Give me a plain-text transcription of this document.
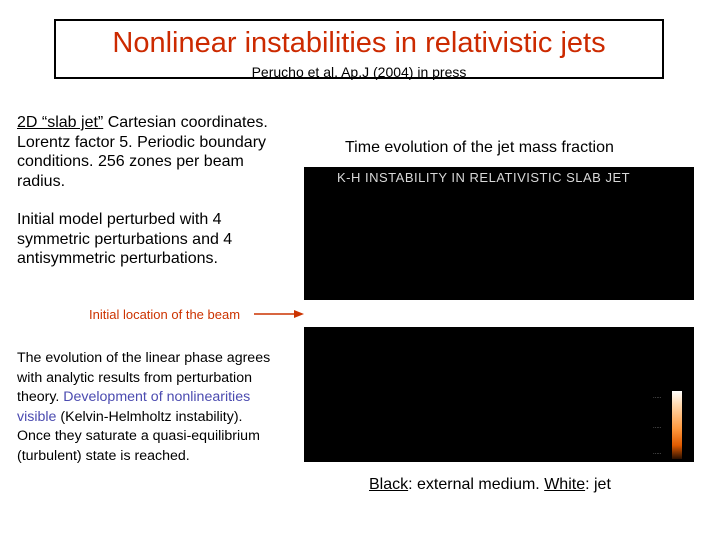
Nonlinear instabilities in relativistic jets
Perucho et al, Ap.J (2004) in press
2D “slab jet” Cartesian coordinates. Lorentz factor 5. Periodic boundary conditions. 256 zones per beam radius.
Initial model perturbed with 4 symmetric perturbations and 4 antisymmetric perturbations.
Initial location of the beam
The evolution of the linear phase agrees with analytic results from perturbation theory. Development of nonlinearities visible (Kelvin-Helmholtz instability). Once they saturate a quasi-equilibrium (turbulent) state is reached.
Time evolution of the jet mass fraction
K-H INSTABILITY IN RELATIVISTIC SLAB JET
·····
·····
·····
Black: external medium. White: jet
